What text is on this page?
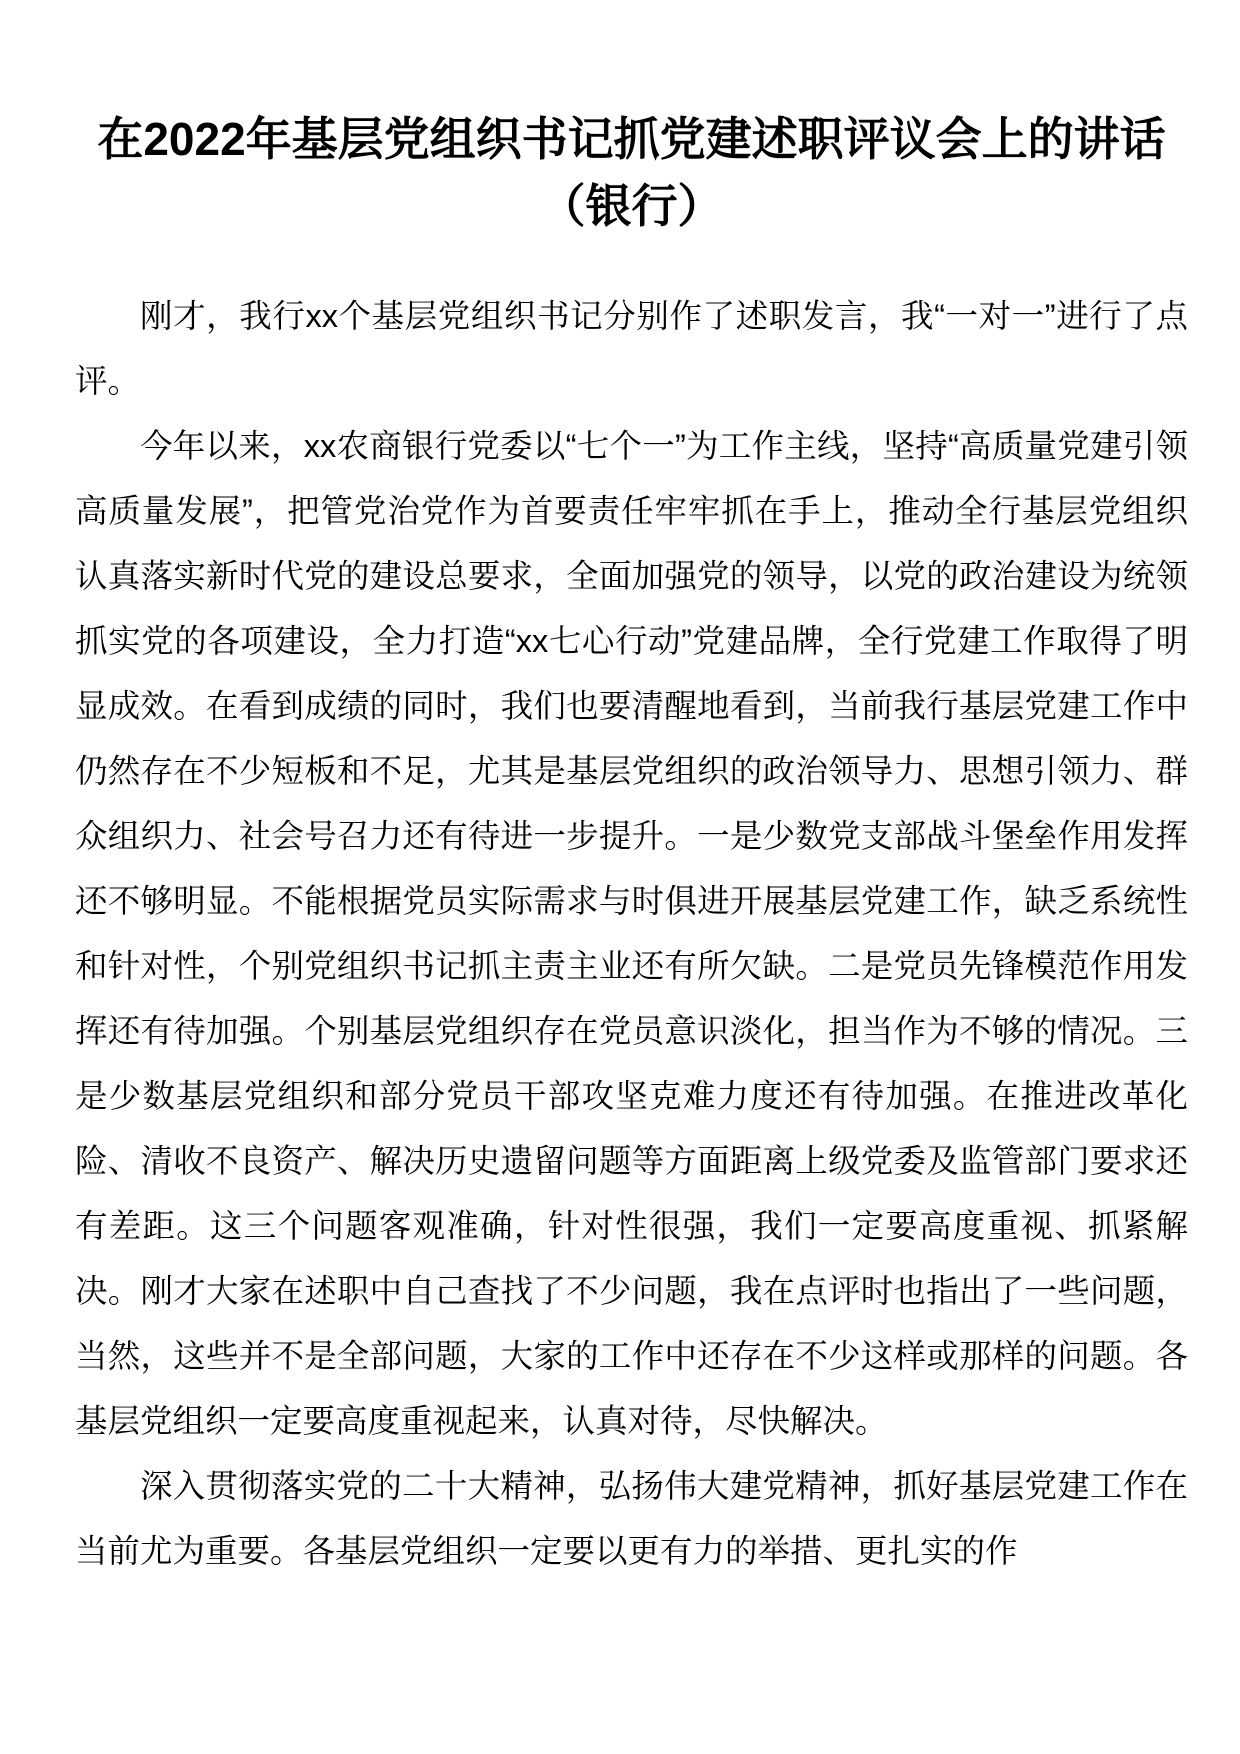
在2022年基层党组织书记抓党建述职评议会上的讲话（银行）

刚才，我行xx个基层党组织书记分别作了述职发言，我“一对一”进行了点评。

今年以来，xx农商银行党委以“七个一”为工作主线，坚持“高质量党建引领高质量发展”，把管党治党作为首要责任牢牢抓在手上，推动全行基层党组织认真落实新时代党的建设总要求，全面加强党的领导，以党的政治建设为统领抓实党的各项建设，全力打造“xx七心行动”党建品牌，全行党建工作取得了明显成效。在看到成绩的同时，我们也要清醒地看到，当前我行基层党建工作中仍然存在不少短板和不足，尤其是基层党组织的政治领导力、思想引领力、群众组织力、社会号召力还有待进一步提升。一是少数党支部战斗堡垒作用发挥还不够明显。不能根据党员实际需求与时俱进开展基层党建工作，缺乏系统性和针对性，个别党组织书记抓主责主业还有所欠缺。二是党员先锋模范作用发挥还有待加强。个别基层党组织存在党员意识淡化，担当作为不够的情况。三是少数基层党组织和部分党员干部攻坚克难力度还有待加强。在推进改革化险、清收不良资产、解决历史遗留问题等方面距离上级党委及监管部门要求还有差距。这三个问题客观准确，针对性很强，我们一定要高度重视、抓紧解决。刚才大家在述职中自己查找了不少问题，我在点评时也指出了一些问题，当然，这些并不是全部问题，大家的工作中还存在不少这样或那样的问题。各基层党组织一定要高度重视起来，认真对待，尽快解决。

深入贯彻落实党的二十大精神，弘扬伟大建党精神，抓好基层党建工作在当前尤为重要。各基层党组织一定要以更有力的举措、更扎实的作
